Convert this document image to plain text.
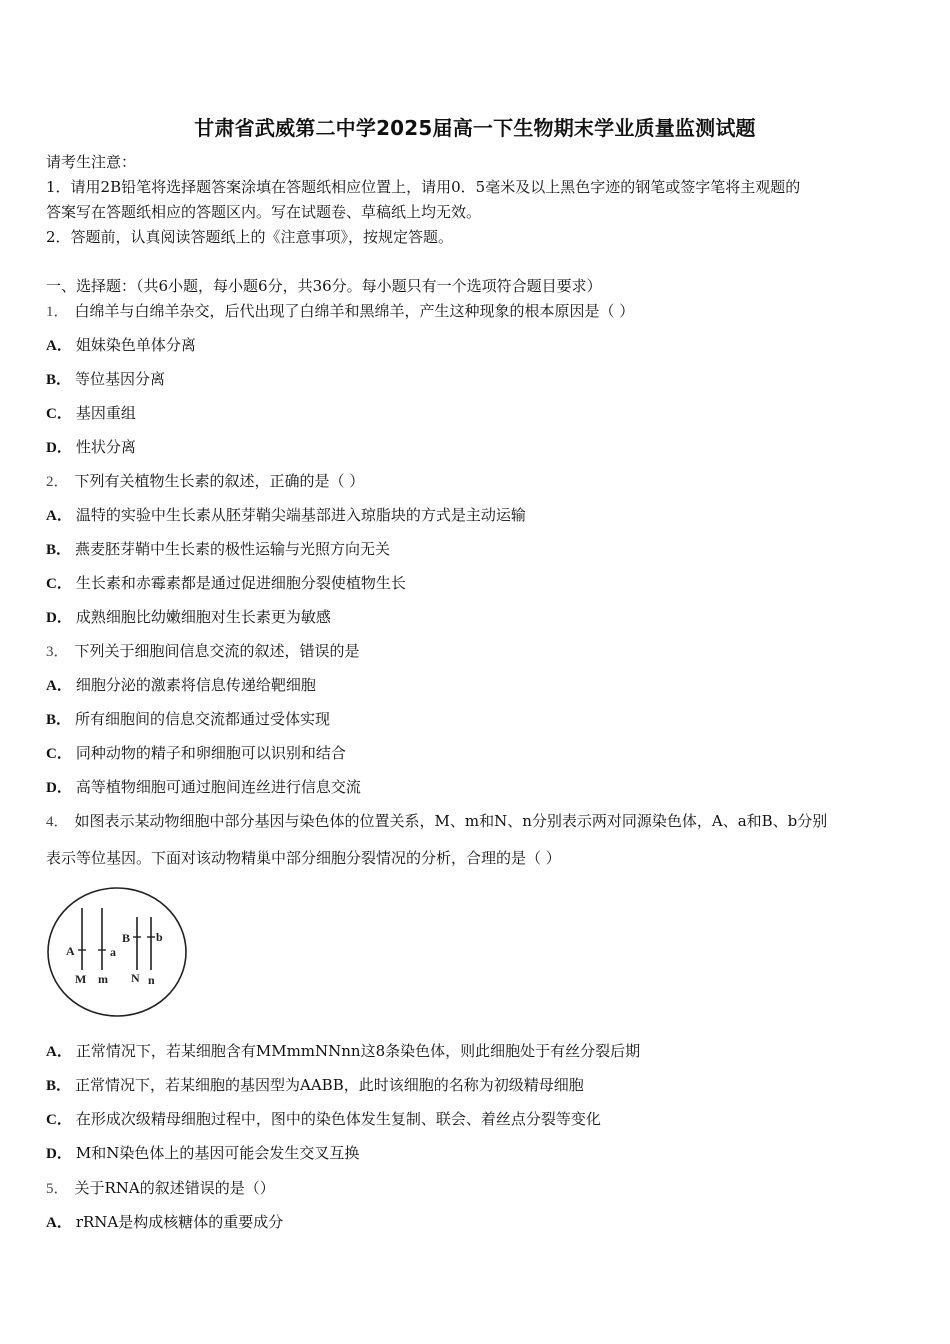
甘肃省武威第二中学2025届高一下生物期末学业质量监测试题
请考生注意：
1．请用2B铅笔将选择题答案涂填在答题纸相应位置上，请用0．5毫米及以上黑色字迹的钢笔或签字笔将主观题的
答案写在答题纸相应的答题区内。写在试题卷、草稿纸上均无效。
2．答题前，认真阅读答题纸上的《注意事项》，按规定答题。
一、选择题：（共6小题，每小题6分，共36分。每小题只有一个选项符合题目要求）
1． 白绵羊与白绵羊杂交，后代出现了白绵羊和黑绵羊，产生这种现象的根本原因是（ ）
A． 姐妹染色单体分离
B． 等位基因分离
C． 基因重组
D． 性状分离
2． 下列有关植物生长素的叙述，正确的是（ ）
A． 温特的实验中生长素从胚芽鞘尖端基部进入琼脂块的方式是主动运输
B． 燕麦胚芽鞘中生长素的极性运输与光照方向无关
C． 生长素和赤霉素都是通过促进细胞分裂使植物生长
D． 成熟细胞比幼嫩细胞对生长素更为敏感
3． 下列关于细胞间信息交流的叙述，错误的是
A． 细胞分泌的激素将信息传递给靶细胞
B． 所有细胞间的信息交流都通过受体实现
C． 同种动物的精子和卵细胞可以识别和结合
D． 高等植物细胞可通过胞间连丝进行信息交流
4． 如图表示某动物细胞中部分基因与染色体的位置关系，M、m和N、n分别表示两对同源染色体，A、a和B、b分别
表示等位基因。下面对该动物精巢中部分细胞分裂情况的分析，合理的是（ ）
A	a
B b
M m N n
A． 正常情况下，若某细胞含有MMmmNNnn这8条染色体，则此细胞处于有丝分裂后期
B． 正常情况下，若某细胞的基因型为AABB，此时该细胞的名称为初级精母细胞
C． 在形成次级精母细胞过程中，图中的染色体发生复制、联会、着丝点分裂等变化
D． M和N染色体上的基因可能会发生交叉互换
5． 关于RNA的叙述错误的是（）
A． rRNA是构成核糖体的重要成分
